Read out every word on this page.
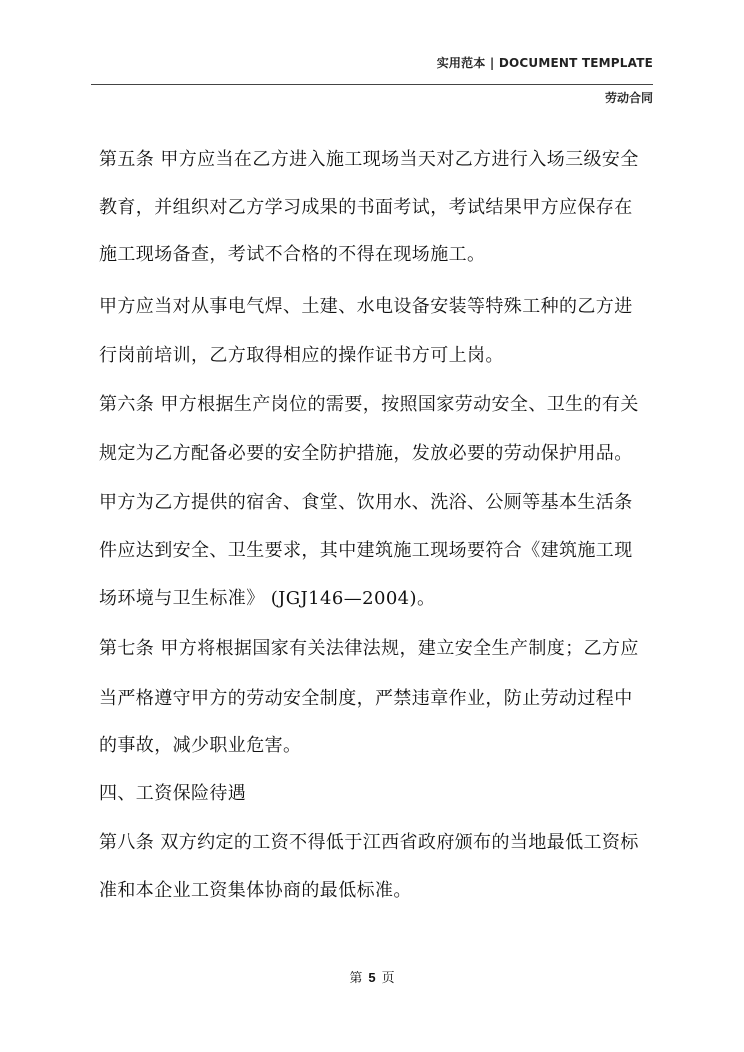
实用范本 | DOCUMENT TEMPLATE
劳动合同

第五条 甲方应当在乙方进入施工现场当天对乙方进行入场三级安全

教育，并组织对乙方学习成果的书面考试，考试结果甲方应保存在

施工现场备查，考试不合格的不得在现场施工。

甲方应当对从事电气焊、土建、水电设备安装等特殊工种的乙方进

行岗前培训，乙方取得相应的操作证书方可上岗。

第六条 甲方根据生产岗位的需要，按照国家劳动安全、卫生的有关

规定为乙方配备必要的安全防护措施，发放必要的劳动保护用品。

甲方为乙方提供的宿舍、食堂、饮用水、洗浴、公厕等基本生活条

件应达到安全、卫生要求，其中建筑施工现场要符合《建筑施工现

场环境与卫生标准》 (JGJ146—2004)。

第七条 甲方将根据国家有关法律法规，建立安全生产制度；乙方应

当严格遵守甲方的劳动安全制度，严禁违章作业，防止劳动过程中

的事故，减少职业危害。

四、工资保险待遇

第八条 双方约定的工资不得低于江西省政府颁布的当地最低工资标

准和本企业工资集体协商的最低标准。

第 5 页
